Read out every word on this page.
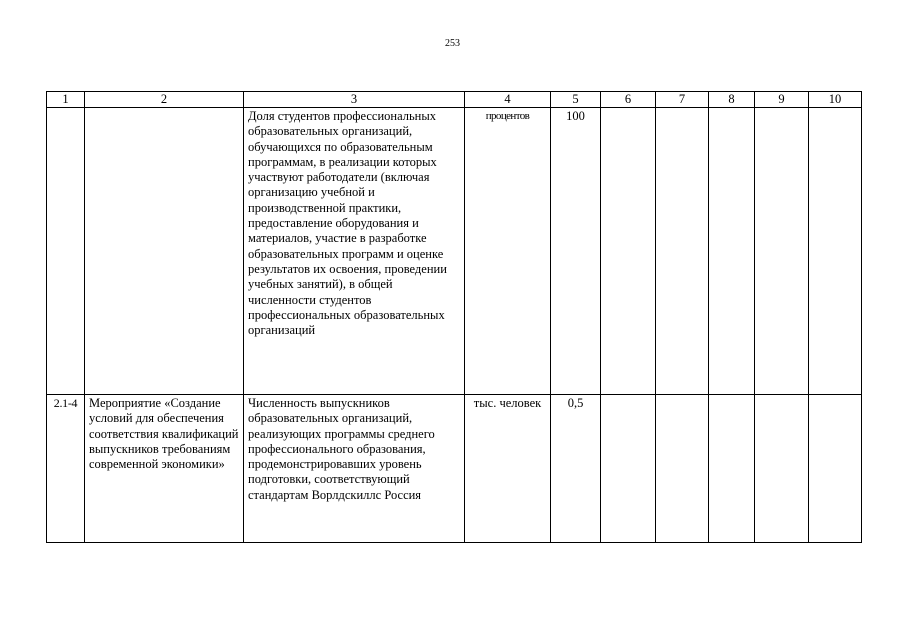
253
1	2	3	4	5	6	7	8	9	10
		Доля студентов профессиональных образовательных организаций, обучающихся по образовательным программам, в реализации которых участвуют работодатели (включая организацию учебной и производственной практики, предоставление оборудования и материалов, участие в разработке образовательных программ и оценке результатов их освоения, проведении учебных занятий), в общей численности студентов профессиональных образовательных организаций	процентов	100					
2.1-4	Мероприятие «Создание условий для обеспечения соответствия квалификаций выпускников требованиям современной экономики»	Численность выпускников образовательных организаций, реализующих программы среднего профессионального образования, продемонстрировавших уровень подготовки, соответствующий стандартам Ворлдскиллс Россия	тыс. человек	0,5					
